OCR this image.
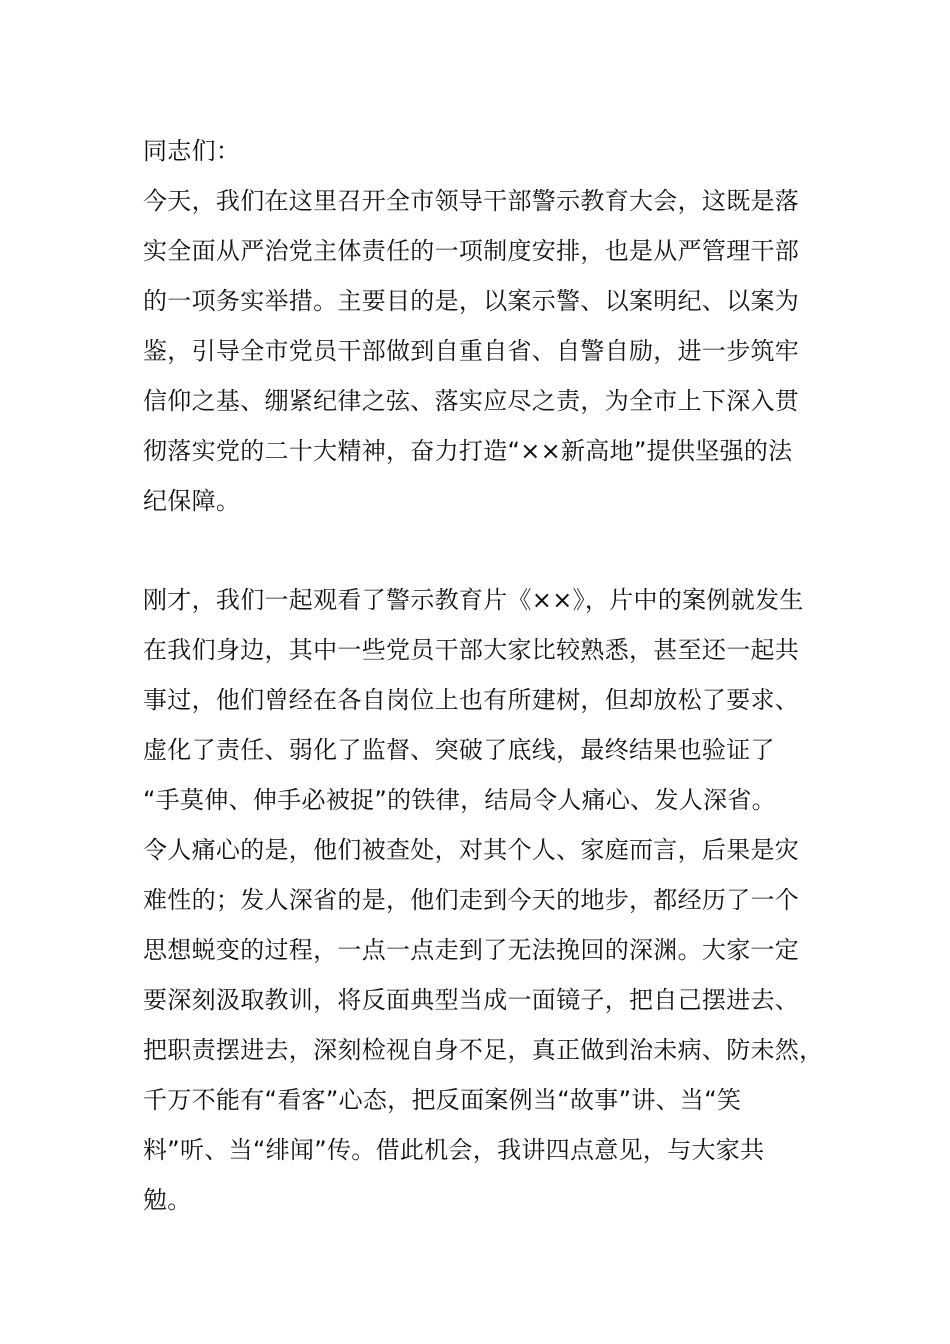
同志们：
今天，我们在这里召开全市领导干部警示教育大会，这既是落
实全面从严治党主体责任的一项制度安排，也是从严管理干部
的一项务实举措。主要目的是，以案示警、以案明纪、以案为
鉴，引导全市党员干部做到自重自省、自警自励，进一步筑牢
信仰之基、绷紧纪律之弦、落实应尽之责，为全市上下深入贯
彻落实党的二十大精神，奋力打造“××新高地”提供坚强的法
纪保障。
刚才，我们一起观看了警示教育片《××》，片中的案例就发生
在我们身边，其中一些党员干部大家比较熟悉，甚至还一起共
事过，他们曾经在各自岗位上也有所建树，但却放松了要求、
虚化了责任、弱化了监督、突破了底线，最终结果也验证了
“手莫伸、伸手必被捉”的铁律，结局令人痛心、发人深省。
令人痛心的是，他们被查处，对其个人、家庭而言，后果是灾
难性的；发人深省的是，他们走到今天的地步，都经历了一个
思想蜕变的过程，一点一点走到了无法挽回的深渊。大家一定
要深刻汲取教训，将反面典型当成一面镜子，把自己摆进去、
把职责摆进去，深刻检视自身不足，真正做到治未病、防未然，
千万不能有“看客”心态，把反面案例当“故事”讲、当“笑
料”听、当“绯闻”传。借此机会，我讲四点意见，与大家共
勉。
